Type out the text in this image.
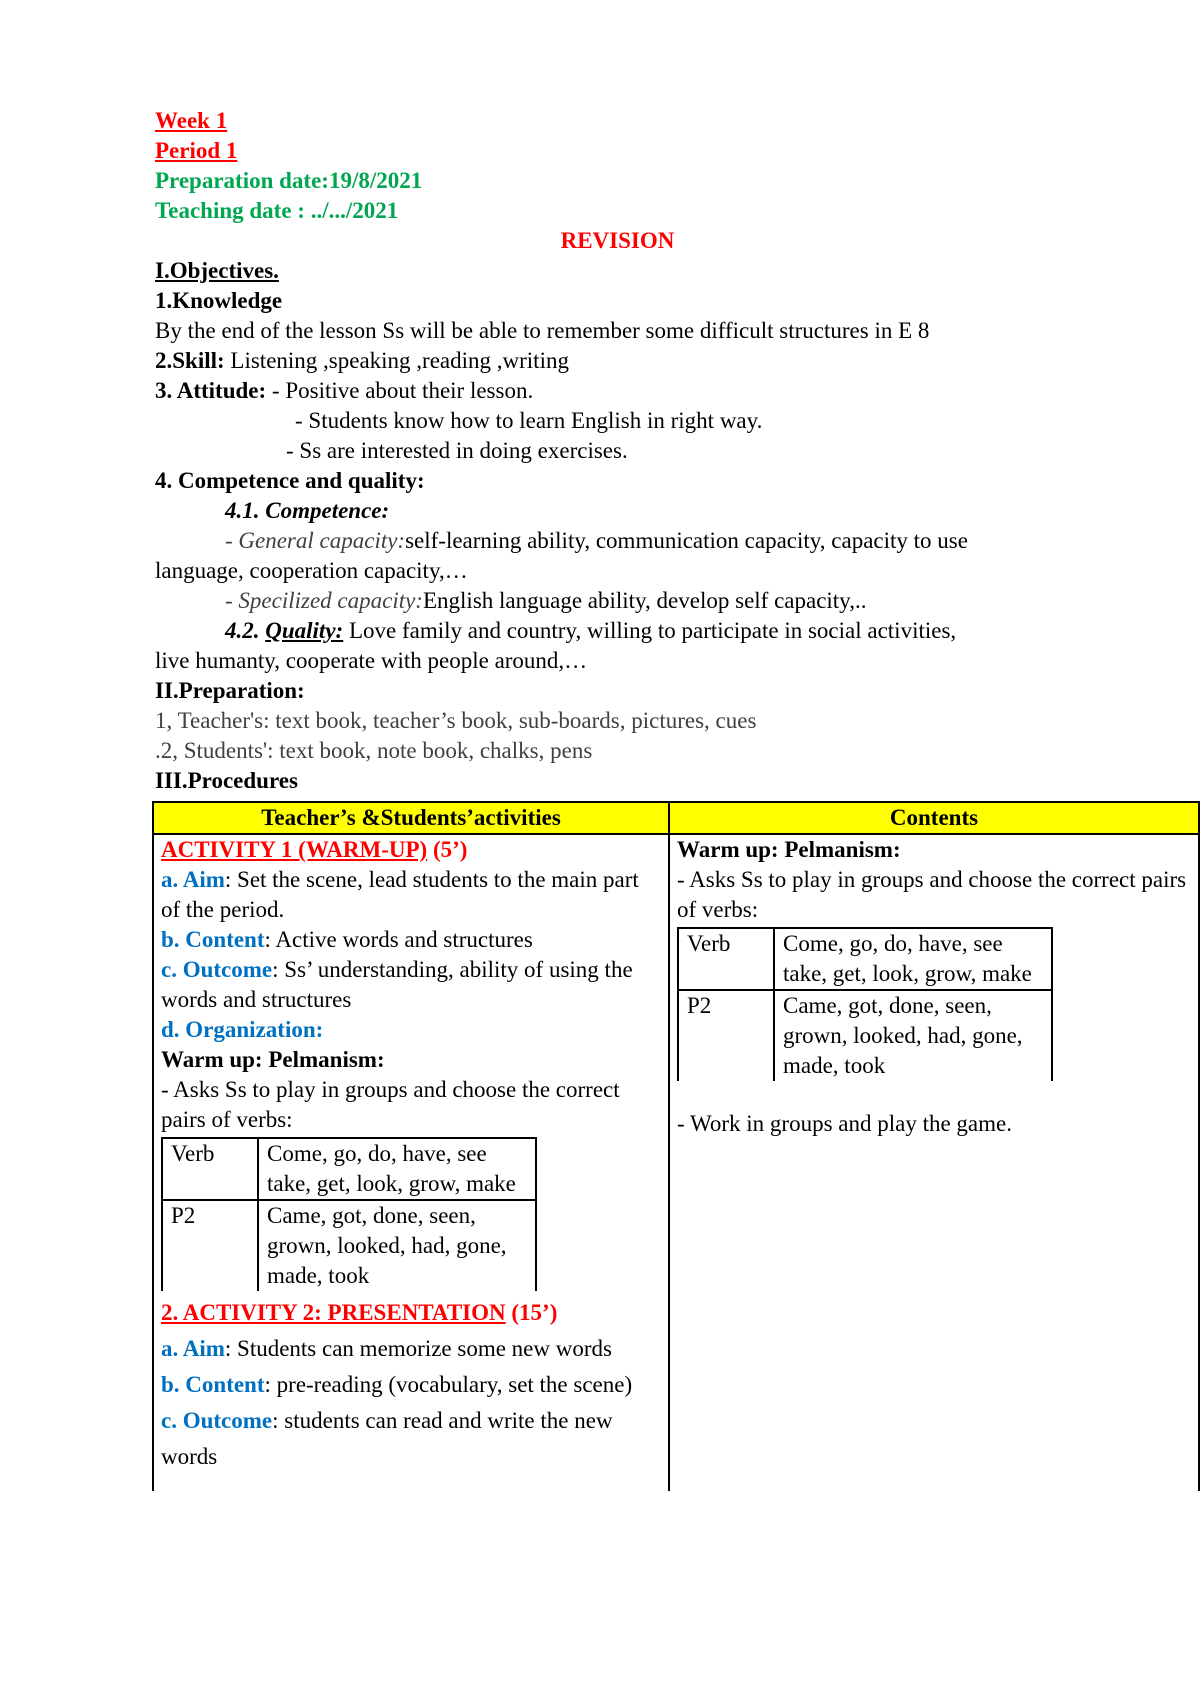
Week 1
Period 1
Preparation date:19/8/2021
Teaching date : ../.../2021
REVISION
I.Objectives.
1.Knowledge
By the end of the lesson Ss will be able to remember some difficult structures in E 8
2.Skill: Listening ,speaking ,reading ,writing
3. Attitude: - Positive about their lesson.
- Students know how to learn English in right way.
- Ss are interested in doing exercises.
4. Competence and quality:
4.1. Competence:
- General capacity:self-learning ability, communication capacity, capacity to use
language, cooperation capacity,…
- Specilized capacity:English language ability, develop self capacity,..
4.2. Quality: Love family and country, willing to participate in social activities,
live humanty, cooperate with people around,…
II.Preparation:
1, Teacher's: text book, teacher’s book, sub-boards, pictures, cues
.2, Students': text book, note book, chalks, pens
III.Procedures
Teacher’s &Students’activities	Contents

ACTIVITY 1 (WARM-UP) (5’)
a. Aim: Set the scene, lead students to the main part of the period.
b. Content: Active words and structures
c. Outcome: Ss’ understanding, ability of using the words and structures
d. Organization:
Warm up: Pelmanism:
- Asks Ss to play in groups and choose the correct pairs of verbs:
Verb	Come, go, do, have, see take, get, look, grow, make
P2	Came, got, done, seen, grown, looked, had, gone, made, took
2. ACTIVITY 2: PRESENTATION (15’)
a. Aim: Students can memorize some new words
b. Content: pre-reading (vocabulary, set the scene)
c. Outcome: students can read and write the new words

Warm up: Pelmanism:
- Asks Ss to play in groups and choose the correct pairs of verbs:
Verb	Come, go, do, have, see take, get, look, grow, make
P2	Came, got, done, seen, grown, looked, had, gone, made, took
- Work in groups and play the game.
